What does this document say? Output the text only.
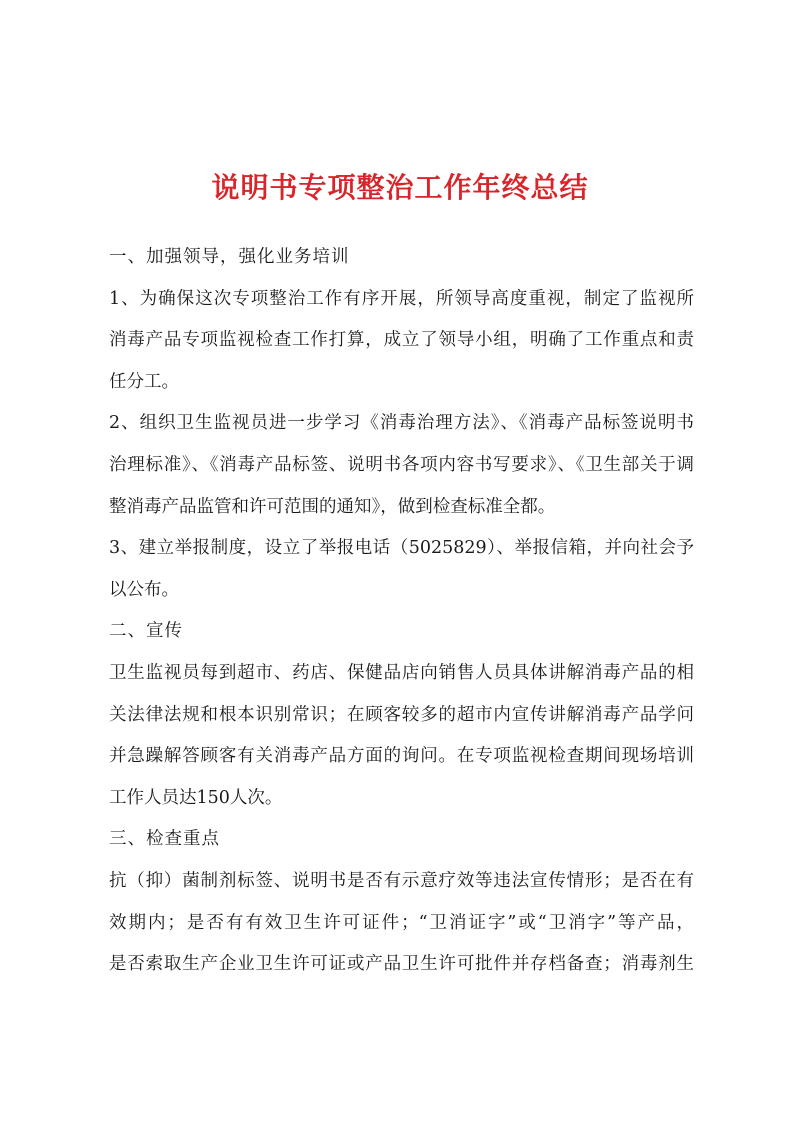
说明书专项整治工作年终总结
一、加强领导，强化业务培训
1、为确保这次专项整治工作有序开展，所领导高度重视，制定了监视所
消毒产品专项监视检查工作打算，成立了领导小组，明确了工作重点和责
任分工。
2、组织卫生监视员进一步学习《消毒治理方法》、《消毒产品标签说明书
治理标准》、《消毒产品标签、说明书各项内容书写要求》、《卫生部关于调
整消毒产品监管和许可范围的通知》，做到检查标准全都。
3、建立举报制度，设立了举报电话（5025829）、举报信箱，并向社会予
以公布。
二、宣传
卫生监视员每到超市、药店、保健品店向销售人员具体讲解消毒产品的相
关法律法规和根本识别常识；在顾客较多的超市内宣传讲解消毒产品学问
并急躁解答顾客有关消毒产品方面的询问。在专项监视检查期间现场培训
工作人员达150人次。
三、检查重点
抗（抑）菌制剂标签、说明书是否有示意疗效等违法宣传情形；是否在有
效期内；是否有有效卫生许可证件；“卫消证字”或“卫消字”等产品，
是否索取生产企业卫生许可证或产品卫生许可批件并存档备查；消毒剂生
